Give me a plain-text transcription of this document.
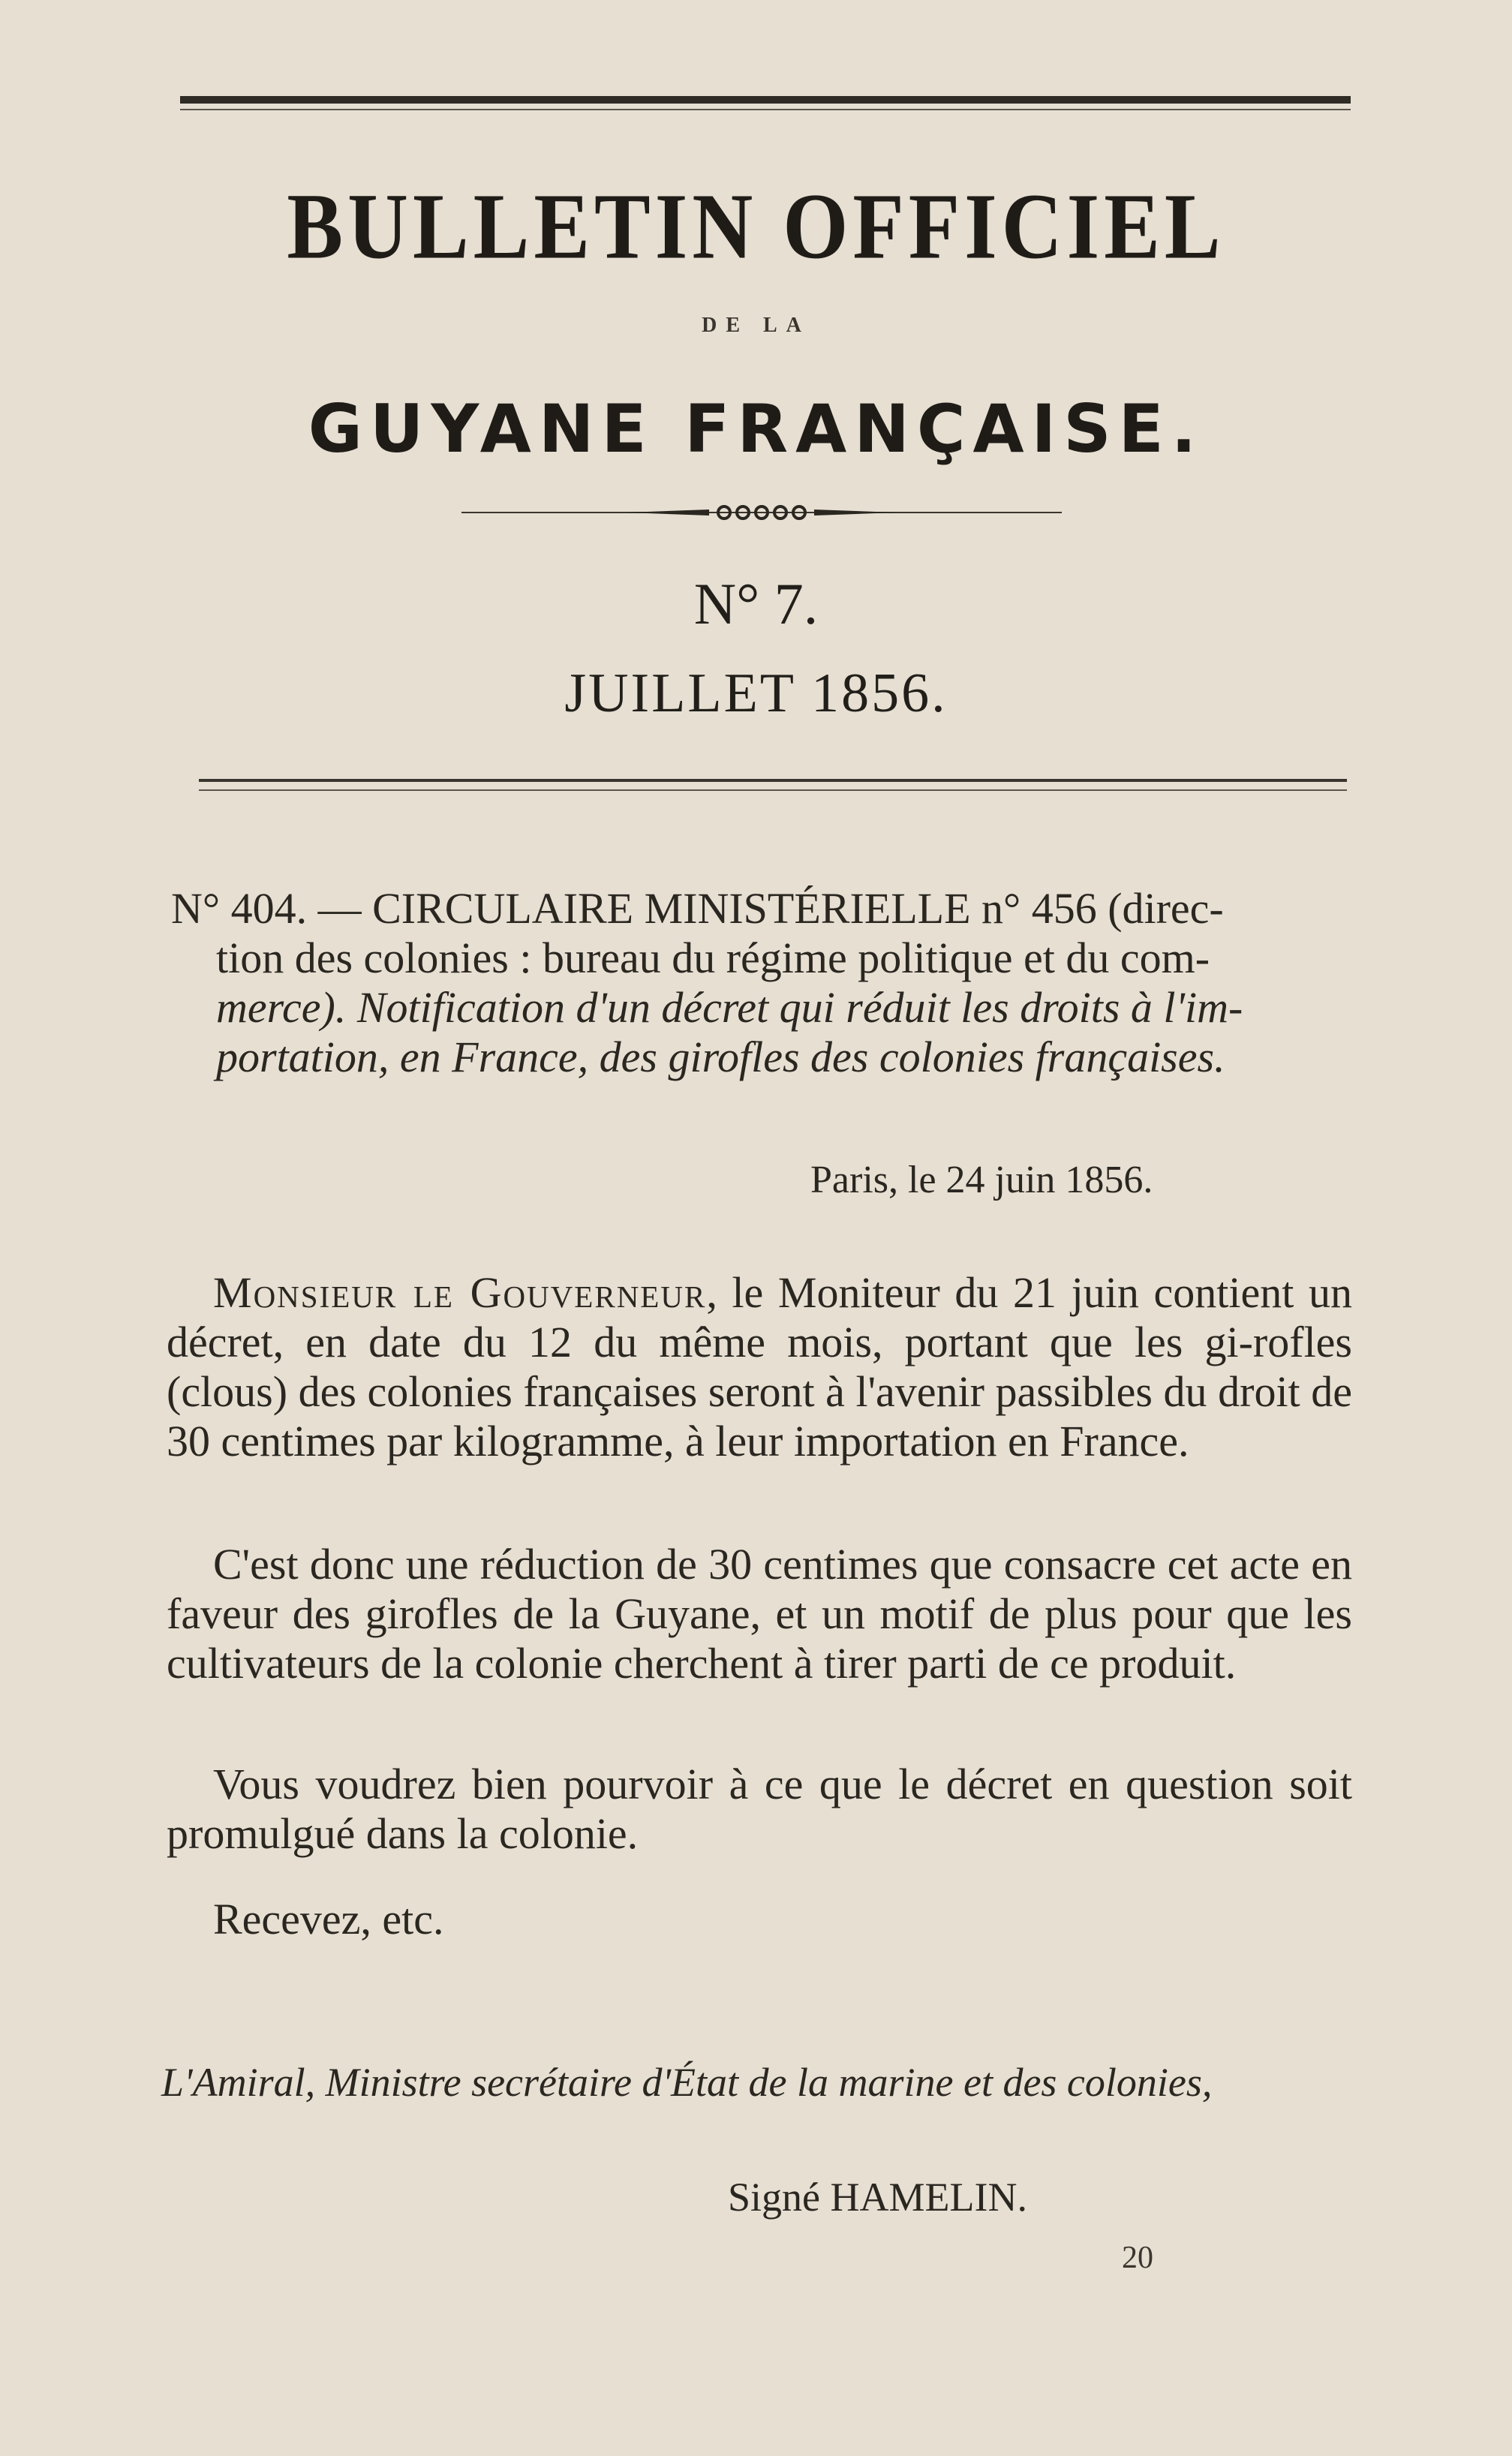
BULLETIN OFFICIEL
DE LA
GUYANE FRANÇAISE.
N° 7.
JUILLET 1856.
N° 404. — CIRCULAIRE MINISTÉRIELLE n° 456 (direc-
tion des colonies : bureau du régime politique et du com-
merce). Notification d'un décret qui réduit les droits à l'im-
portation, en France, des girofles des colonies françaises.
Paris, le 24 juin 1856.
Monsieur le Gouverneur, le Moniteur du 21 juin contient un décret, en date du 12 du même mois, portant que les gi-rofles (clous) des colonies françaises seront à l'avenir passibles du droit de 30 centimes par kilogramme, à leur importation en France.
C'est donc une réduction de 30 centimes que consacre cet acte en faveur des girofles de la Guyane, et un motif de plus pour que les cultivateurs de la colonie cherchent à tirer parti de ce produit.
Vous voudrez bien pourvoir à ce que le décret en question soit promulgué dans la colonie.
Recevez, etc.
L'Amiral, Ministre secrétaire d'État de la marine et des colonies,
Signé HAMELIN.
20
